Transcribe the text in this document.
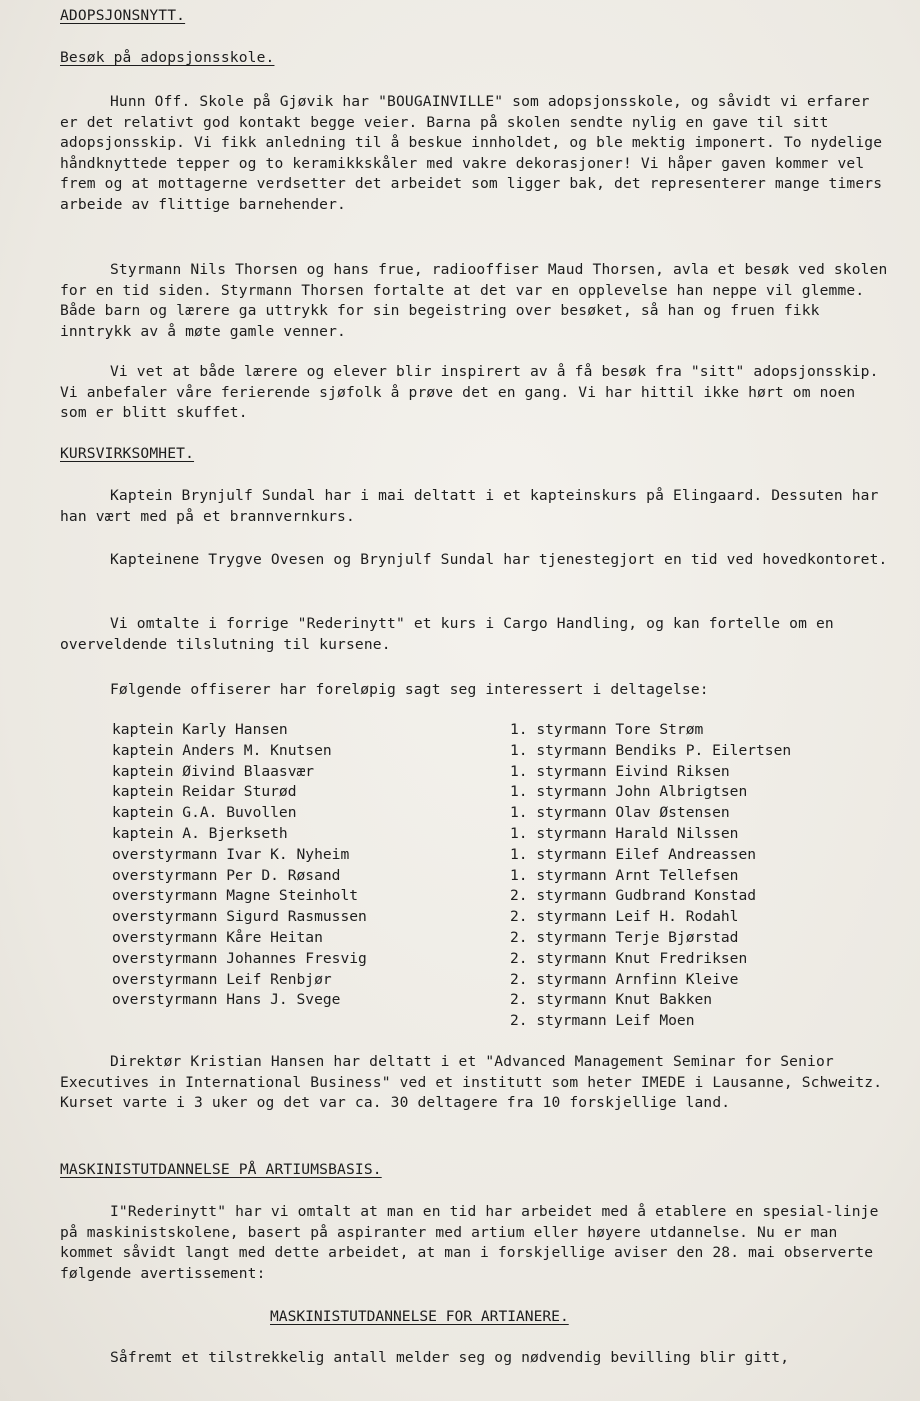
ADOPSJONSNYTT.
Besøk på adopsjonsskole.

Hunn Off. Skole på Gjøvik har "BOUGAINVILLE" som adopsjonsskole, og såvidt vi erfarer er det relativt god kontakt begge veier. Barna på skolen sendte nylig en gave til sitt adopsjonsskip. Vi fikk anledning til å beskue innholdet, og ble mektig imponert. To nydelige håndknyttede tepper og to keramikkskåler med vakre dekorasjoner! Vi håper gaven kommer vel frem og at mottagerne verdsetter det arbeidet som ligger bak, det representerer mange timers arbeide av flittige barnehender.

Styrmann Nils Thorsen og hans frue, radiooffiser Maud Thorsen, avla et besøk ved skolen for en tid siden. Styrmann Thorsen fortalte at det var en opplevelse han neppe vil glemme. Både barn og lærere ga uttrykk for sin begeistring over besøket, så han og fruen fikk inntrykk av å møte gamle venner.

Vi vet at både lærere og elever blir inspirert av å få besøk fra "sitt" adopsjonsskip. Vi anbefaler våre ferierende sjøfolk å prøve det en gang. Vi har hittil ikke hørt om noen som er blitt skuffet.

KURSVIRKSOMHET.

Kaptein Brynjulf Sundal har i mai deltatt i et kapteinskurs på Elingaard. Dessuten har han vært med på et brannvernkurs.

Kapteinene Trygve Ovesen og Brynjulf Sundal har tjenestegjort en tid ved hovedkontoret.

Vi omtalte i forrige "Rederinytt" et kurs i Cargo Handling, og kan fortelle om en overveldende tilslutning til kursene.

Følgende offiserer har foreløpig sagt seg interessert i deltagelse:

kaptein Karly Hansen
kaptein Anders M. Knutsen
kaptein Øivind Blaasvær
kaptein Reidar Sturød
kaptein G.A. Buvollen
kaptein A. Bjerkseth
overstyrmann Ivar K. Nyheim
overstyrmann Per D. Røsand
overstyrmann Magne Steinholt
overstyrmann Sigurd Rasmussen
overstyrmann Kåre Heitan
overstyrmann Johannes Fresvig
overstyrmann Leif Renbjør
overstyrmann Hans J. Svege
1. styrmann Tore Strøm
1. styrmann Bendiks P. Eilertsen
1. styrmann Eivind Riksen
1. styrmann John Albrigtsen
1. styrmann Olav Østensen
1. styrmann Harald Nilssen
1. styrmann Eilef Andreassen
1. styrmann Arnt Tellefsen
2. styrmann Gudbrand Konstad
2. styrmann Leif H. Rodahl
2. styrmann Terje Bjørstad
2. styrmann Knut Fredriksen
2. styrmann Arnfinn Kleive
2. styrmann Knut Bakken
2. styrmann Leif Moen

Direktør Kristian Hansen har deltatt i et "Advanced Management Seminar for Senior Executives in International Business" ved et institutt som heter IMEDE i Lausanne, Schweitz. Kurset varte i 3 uker og det var ca. 30 deltagere fra 10 forskjellige land.

MASKINISTUTDANNELSE PÅ ARTIUMSBASIS.

I"Rederinytt" har vi omtalt at man en tid har arbeidet med å etablere en spesial-linje på maskinistskolene, basert på aspiranter med artium eller høyere utdannelse. Nu er man kommet såvidt langt med dette arbeidet, at man i forskjellige aviser den 28. mai observerte følgende avertissement:

MASKINISTUTDANNELSE FOR ARTIANERE.

Såfremt et tilstrekkelig antall melder seg og nødvendig bevilling blir gitt,
